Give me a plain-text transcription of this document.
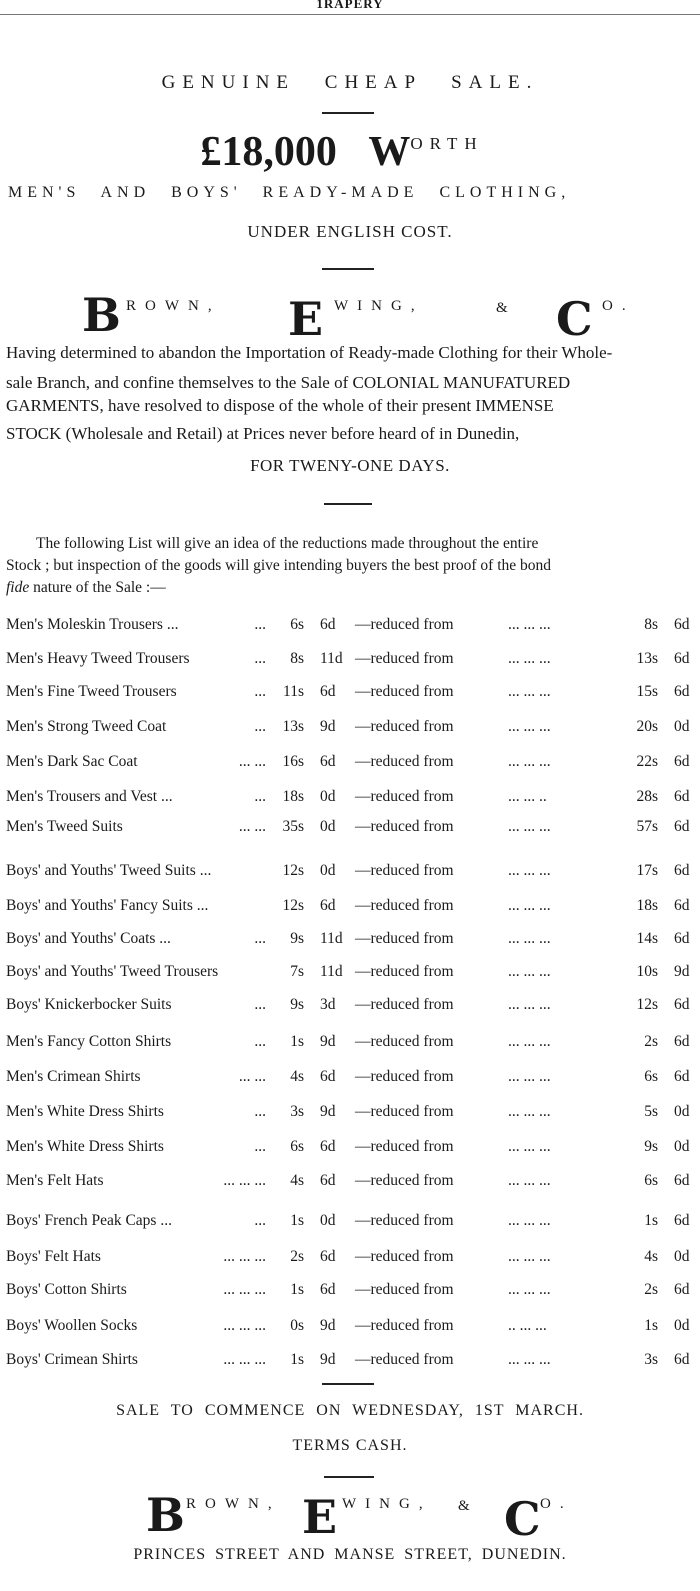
1RAPERY
GENUINE CHEAP SALE.
£18,000 $W^{ORTH}$
MEN'S AND BOYS' READY-MADE CLOTHING,
UNDER ENGLISH COST.
B ROWN, E WING,	& C O.
Having determined to abandon the Importation of Ready-made Clothing for their Whole-
sale Branch, and confine themselves to the Sale of COLONIAL MANUFATURED
GARMENTS, have resolved to dispose of the whole of their present IMMENSE
STOCK (Wholesale and Retail) at Prices never before heard of in Dunedin,
FOR TWENY-ONE DAYS.
The following List will give an idea of the reductions made throughout the entire
Stock ; but inspection of the goods will give intending buyers the best proof of the bond
fide nature of the Sale :—
Men's Moleskin Trousers ...	...	6s 6d —reduced from	... ... ...	8s 6d
Men's Heavy Tweed Trousers	...	8s 11d —reduced from	... ... ...	13s 6d
Men's Fine Tweed Trousers	...	11s 6d —reduced from	... ... ...	15s 6d
Men's Strong Tweed Coat	...	13s 9d —reduced from	... ... ...	20s 0d
Men's Dark Sac Coat	... ...	16s 6d —reduced from	... ... ...	22s 6d
Men's Trousers and Vest ...	...	18s 0d —reduced from	... ... ..	28s 6d
Men's Tweed Suits	... ...	35s 0d —reduced from	... ... ...	57s 6d
Boys' and Youths' Tweed Suits ...	12s 0d —reduced from	... ... ...	17s 6d
Boys' and Youths' Fancy Suits ...	12s 6d —reduced from	... ... ...	18s 6d
Boys' and Youths' Coats ...	...	9s 11d —reduced from	... ... ...	14s 6d
Boys' and Youths' Tweed Trousers	7s 11d —reduced from	... ... ...	10s 9d
Boys' Knickerbocker Suits	...	9s 3d —reduced from	... ... ...	12s 6d
Men's Fancy Cotton Shirts	...	1s 9d —reduced from	... ... ...	2s 6d
Men's Crimean Shirts	... ...	4s 6d —reduced from	... ... ...	6s 6d
Men's White Dress Shirts	...	3s 9d —reduced from	... ... ...	5s 0d
Men's White Dress Shirts	...	6s 6d —reduced from	... ... ...	9s 0d
Men's Felt Hats	... ... ...	4s 6d —reduced from	... ... ...	6s 6d
Boys' French Peak Caps ...	...	1s 0d —reduced from	... ... ...	1s 6d
Boys' Felt Hats	... ... ...	2s 6d —reduced from	... ... ...	4s 0d
Boys' Cotton Shirts	... ... ...	1s 6d —reduced from	... ... ...	2s 6d
Boys' Woollen Socks	... ... ...	0s 9d —reduced from	.. ... ...	1s 0d
Boys' Crimean Shirts	... ... ...	1s 9d —reduced from	... ... ...	3s 6d
SALE TO COMMENCE ON WEDNESDAY, 1ST MARCH.
TERMS CASH.
B ROWN, E WING, & C O.
PRINCES STREET AND MANSE STREET, DUNEDIN.
